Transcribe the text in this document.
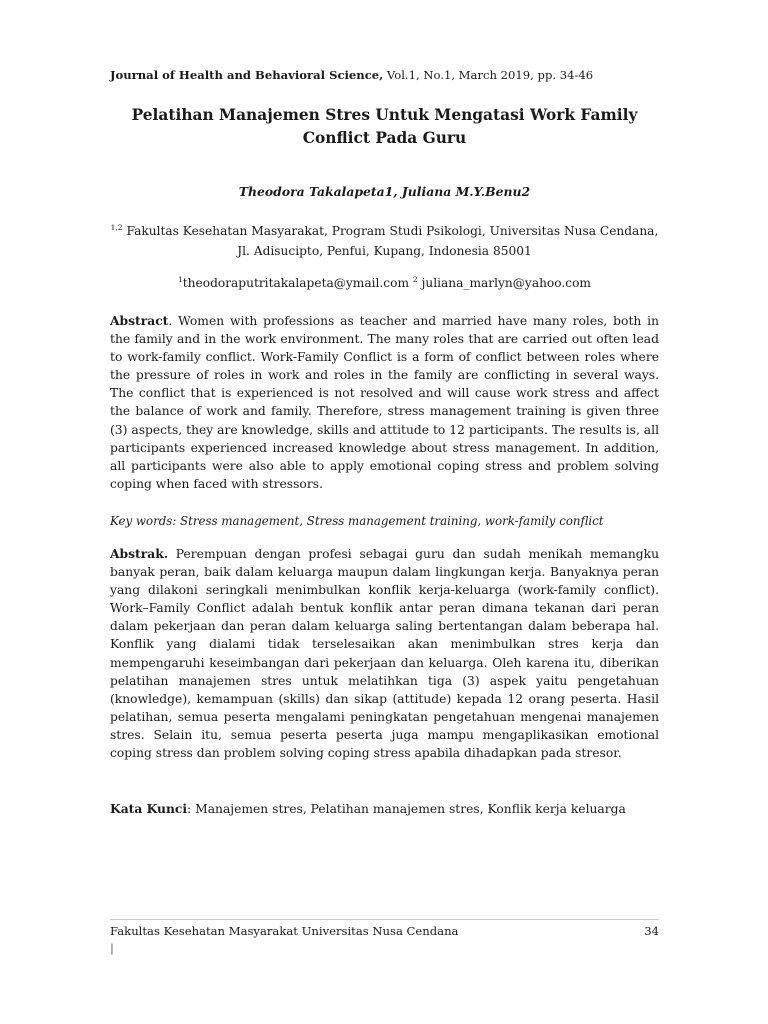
Journal of Health and Behavioral Science, Vol.1, No.1, March 2019, pp. 34-46
Pelatihan Manajemen Stres Untuk Mengatasi Work Family Conflict Pada Guru
Theodora Takalapeta1, Juliana M.Y.Benu2
$^{1,2}$ Fakultas Kesehatan Masyarakat, Program Studi Psikologi, Universitas Nusa Cendana, Jl. Adisucipto, Penfui, Kupang, Indonesia 85001
$^1$theodoraputritakalapeta@ymail.com $^2$ juliana_marlyn@yahoo.com
Abstract. Women with professions as teacher and married have many roles, both in the family and in the work environment. The many roles that are carried out often lead to work-family conflict. Work-Family Conflict is a form of conflict between roles where the pressure of roles in work and roles in the family are conflicting in several ways. The conflict that is experienced is not resolved and will cause work stress and affect the balance of work and family. Therefore, stress management training is given three (3) aspects, they are knowledge, skills and attitude to 12 participants. The results is, all participants experienced increased knowledge about stress management. In addition, all participants were also able to apply emotional coping stress and problem solving coping when faced with stressors.
Key words: Stress management, Stress management training, work-family conflict
Abstrak. Perempuan dengan profesi sebagai guru dan sudah menikah memangku banyak peran, baik dalam keluarga maupun dalam lingkungan kerja. Banyaknya peran yang dilakoni seringkali menimbulkan konflik kerja-keluarga (work-family conflict). Work–Family Conflict adalah bentuk konflik antar peran dimana tekanan dari peran dalam pekerjaan dan peran dalam keluarga saling bertentangan dalam beberapa hal. Konflik yang dialami tidak terselesaikan akan menimbulkan stres kerja dan mempengaruhi keseimbangan dari pekerjaan dan keluarga. Oleh karena itu, diberikan pelatihan manajemen stres untuk melatihkan tiga (3) aspek yaitu pengetahuan (knowledge), kemampuan (skills) dan sikap (attitude) kepada 12 orang peserta. Hasil pelatihan, semua peserta mengalami peningkatan pengetahuan mengenai manajemen stres. Selain itu, semua peserta peserta juga mampu mengaplikasikan emotional coping stress dan problem solving coping stress apabila dihadapkan pada stresor.
Kata Kunci: Manajemen stres, Pelatihan manajemen stres, Konflik kerja keluarga
Fakultas Kesehatan Masyarakat Universitas Nusa Cendana	34
|
